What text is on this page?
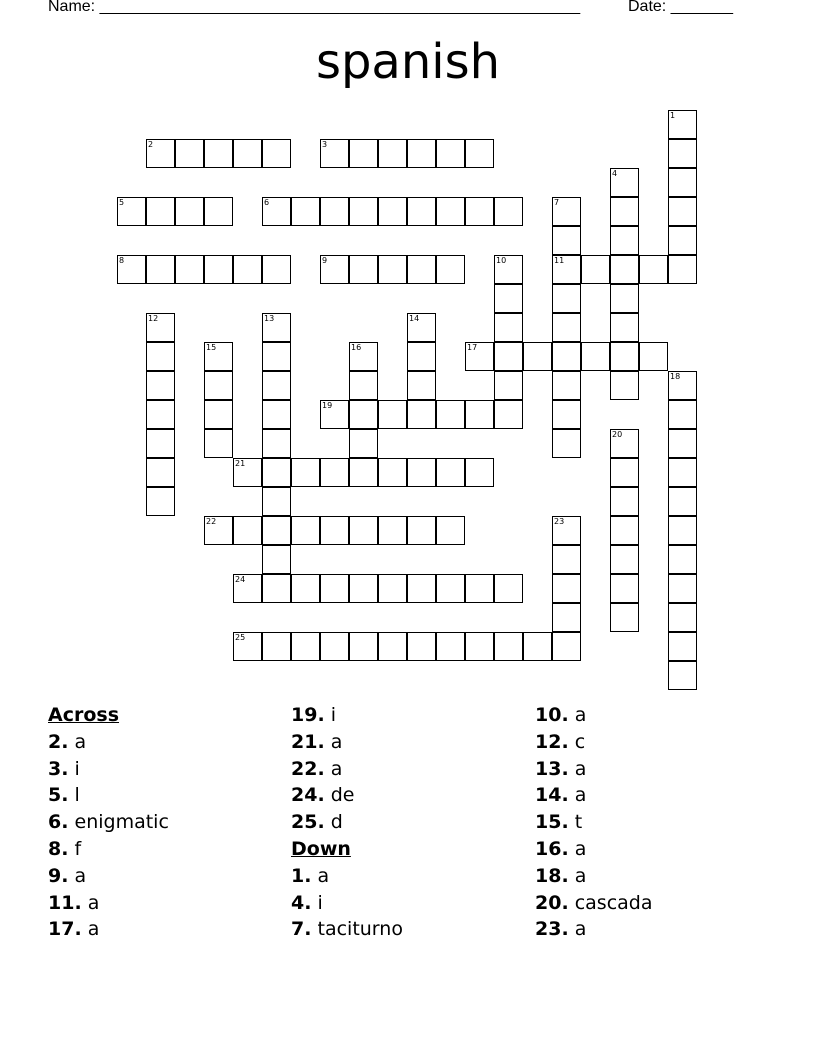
Name: ______________________________________________________	Date: _______
spanish
2	3
5	6
8	9	11
17
19
21
22
24
25
1
4
7
10
12	13	14
15	16
18
20
23
Across
2. a
3. i
5. l
6. enigmatic
8. f
9. a
11. a
17. a
19. i
21. a
22. a
24. de
25. d
Down
1. a
4. i
7. taciturno
10. a
12. c
13. a
14. a
15. t
16. a
18. a
20. cascada
23. a
